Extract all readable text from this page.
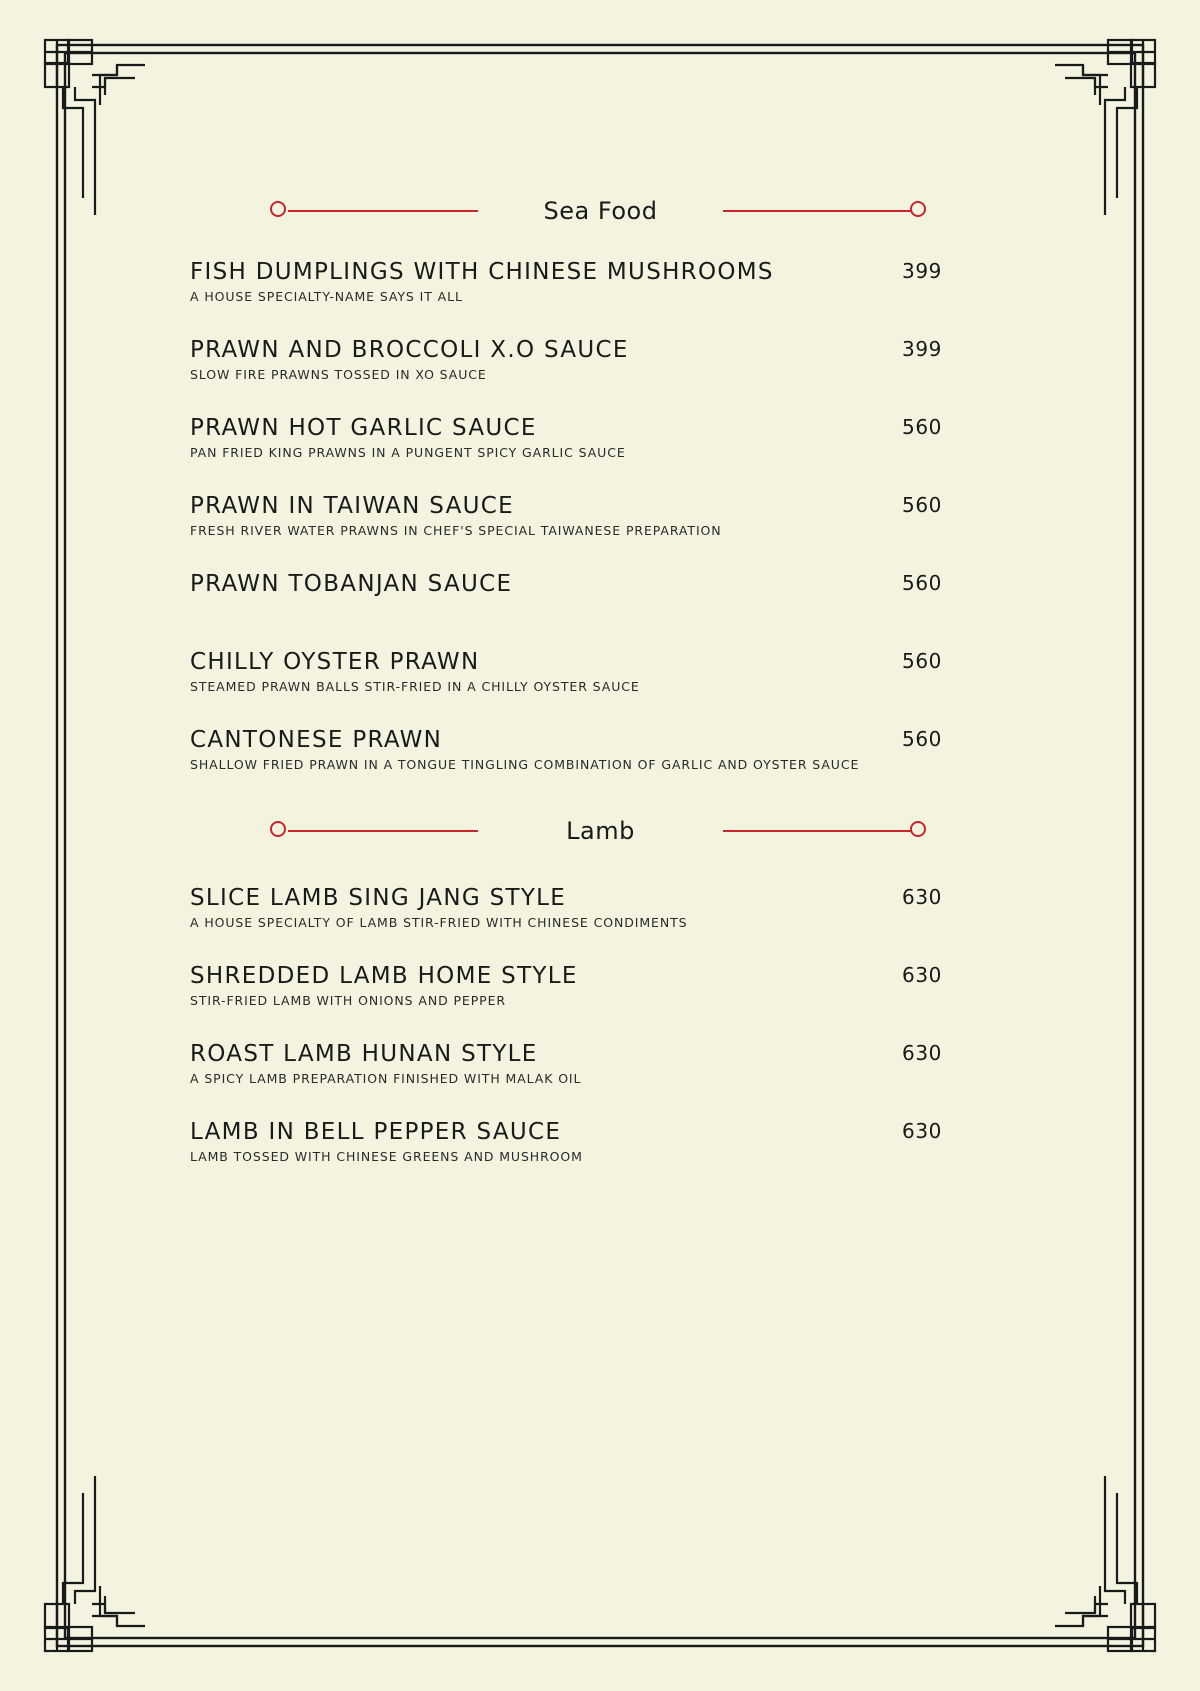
Sea Food
FISH DUMPLINGS WITH CHINESE MUSHROOMS
A HOUSE SPECIALTY-NAME SAYS IT ALL
399
PRAWN AND BROCCOLI X.O SAUCE
SLOW FIRE PRAWNS TOSSED IN XO SAUCE
399
PRAWN HOT GARLIC SAUCE
PAN FRIED KING PRAWNS IN A PUNGENT SPICY GARLIC SAUCE
560
PRAWN IN TAIWAN SAUCE
FRESH RIVER WATER PRAWNS IN CHEF'S SPECIAL TAIWANESE PREPARATION
560
PRAWN TOBANJAN SAUCE	560
CHILLY OYSTER PRAWN
STEAMED PRAWN BALLS STIR-FRIED IN A CHILLY OYSTER SAUCE
560
CANTONESE PRAWN
SHALLOW FRIED PRAWN IN A TONGUE TINGLING COMBINATION OF GARLIC AND OYSTER SAUCE
560
Lamb
SLICE LAMB SING JANG STYLE
A HOUSE SPECIALTY OF LAMB STIR-FRIED WITH CHINESE CONDIMENTS
630
SHREDDED LAMB HOME STYLE
STIR-FRIED LAMB WITH ONIONS AND PEPPER
630
ROAST LAMB HUNAN STYLE
A SPICY LAMB PREPARATION FINISHED WITH MALAK OIL
630
LAMB IN BELL PEPPER SAUCE
LAMB TOSSED WITH CHINESE GREENS AND MUSHROOM
630
